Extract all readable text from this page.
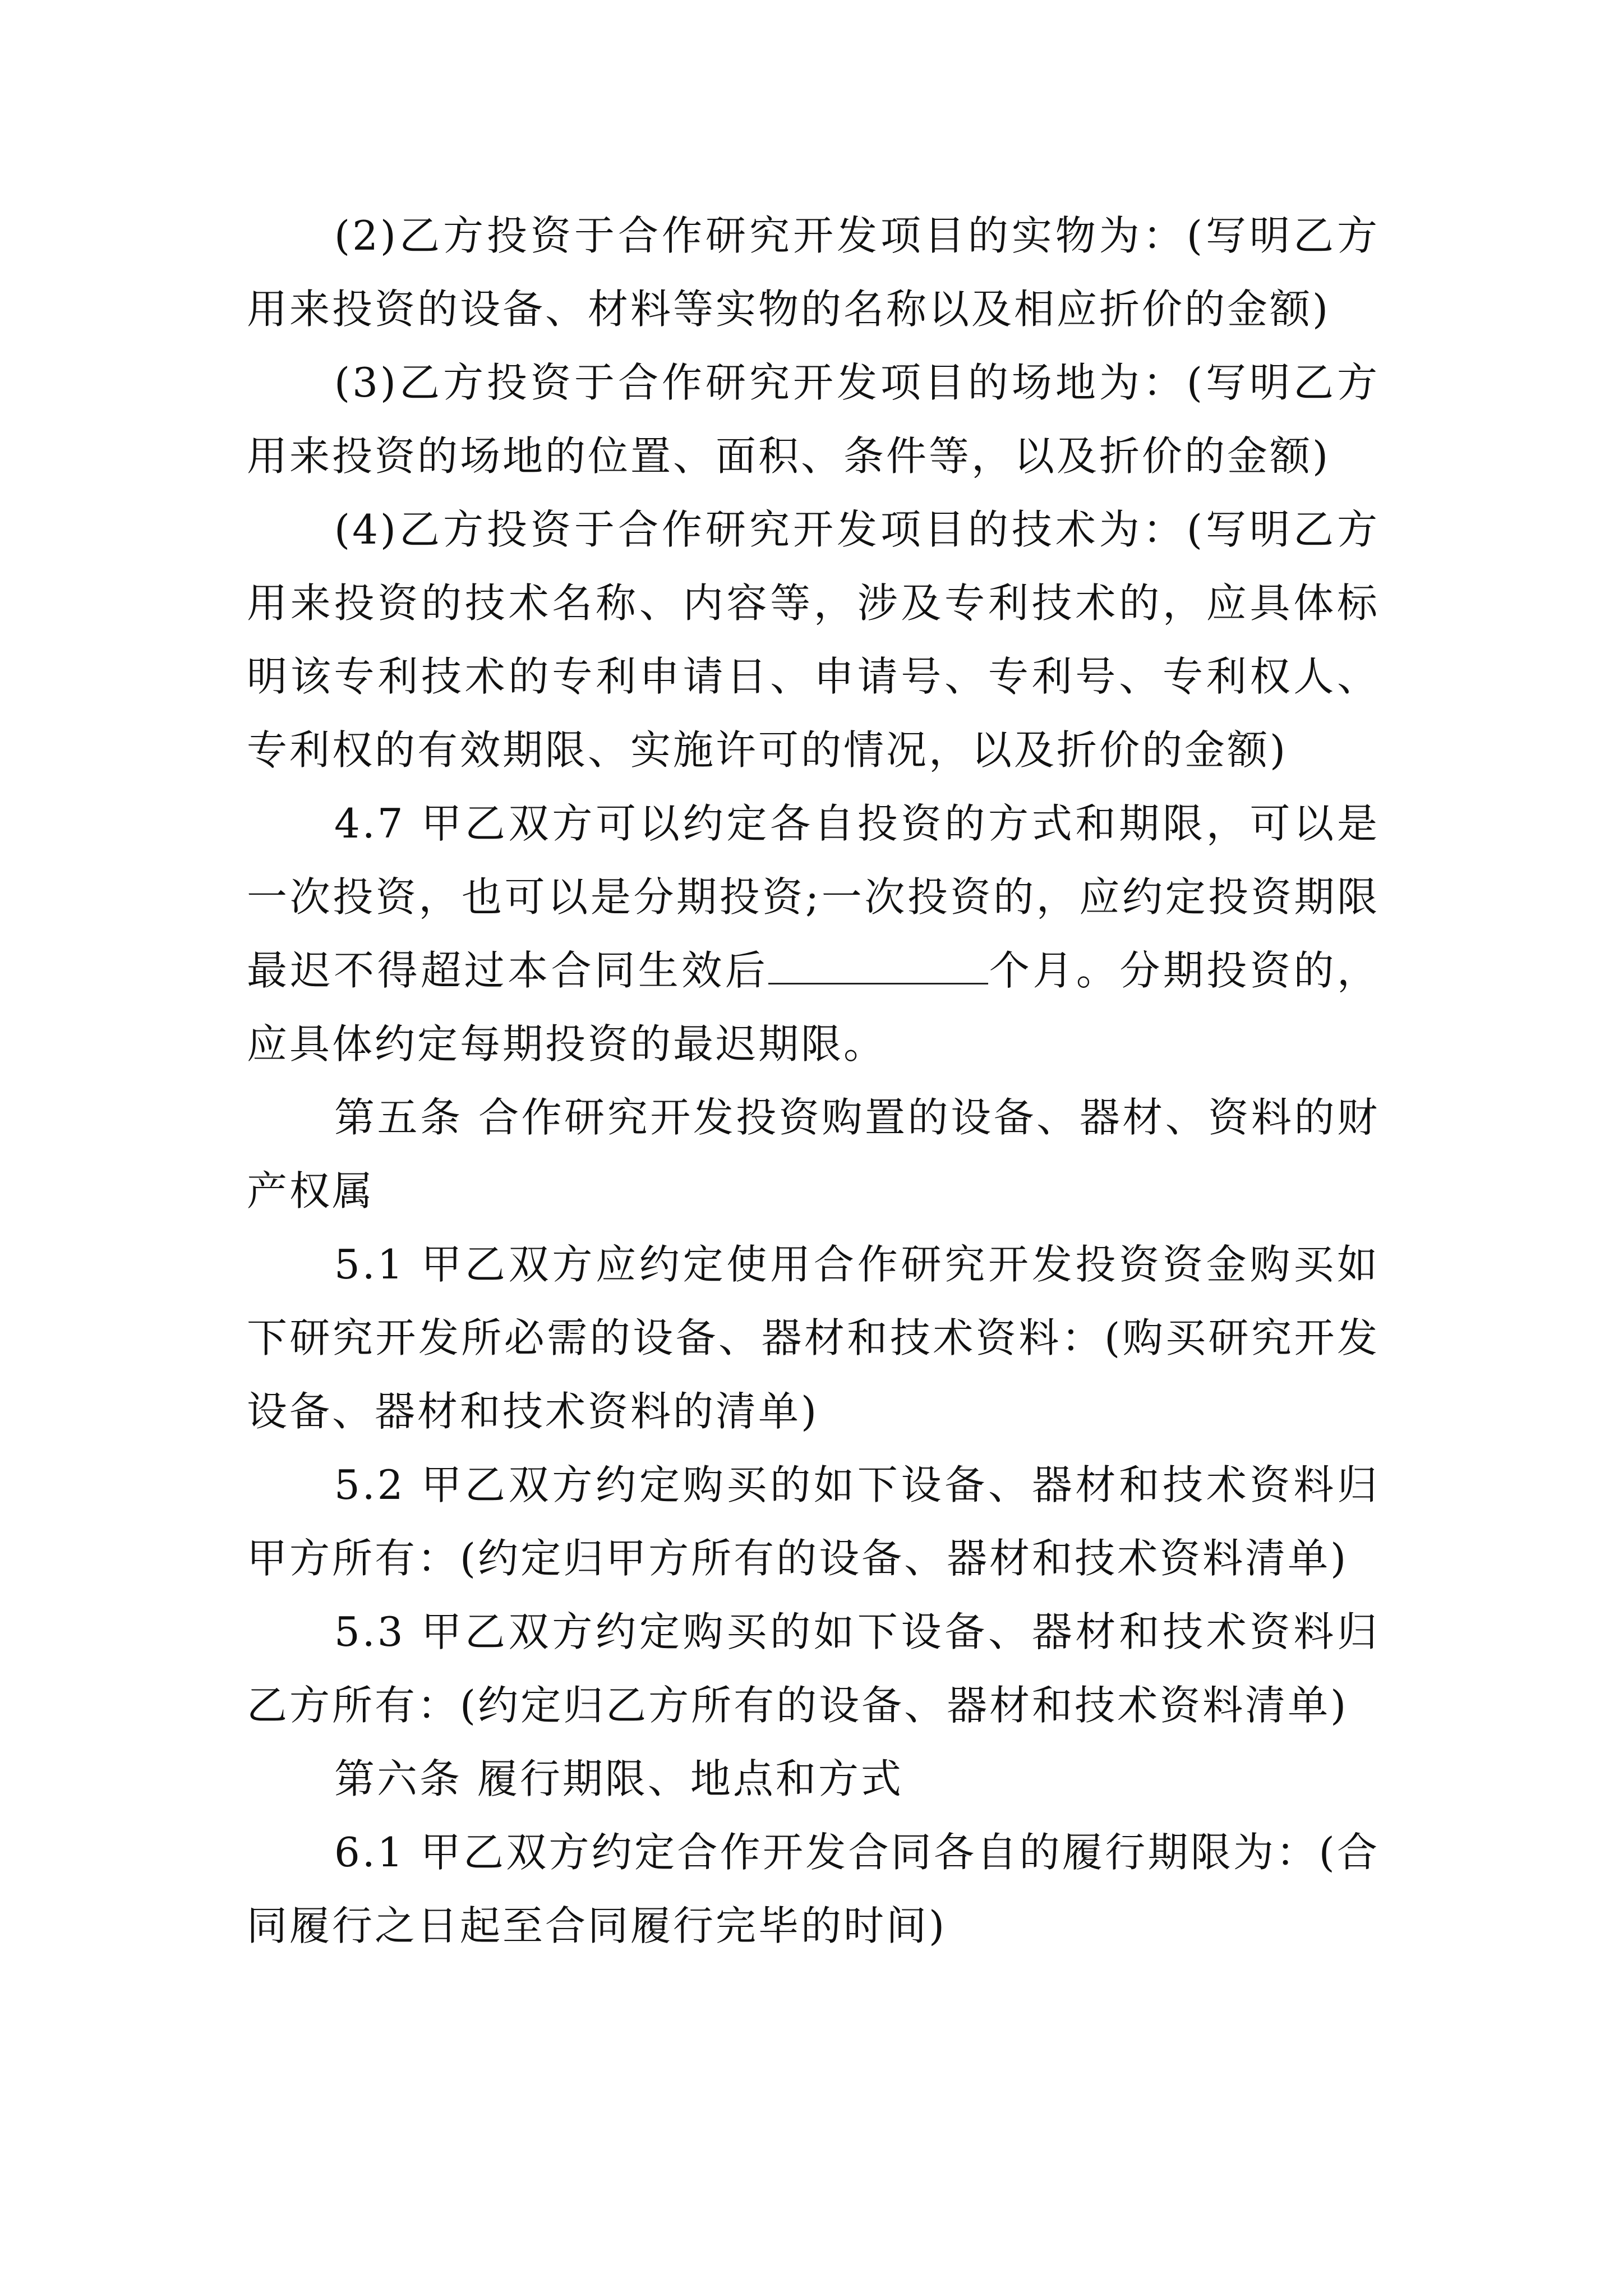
(2)乙方投资于合作研究开发项目的实物为：(写明乙方用来投资的设备、材料等实物的名称以及相应折价的金额)

(3)乙方投资于合作研究开发项目的场地为：(写明乙方用来投资的场地的位置、面积、条件等，以及折价的金额)

(4)乙方投资于合作研究开发项目的技术为：(写明乙方用来投资的技术名称、内容等，涉及专利技术的，应具体标明该专利技术的专利申请日、申请号、专利号、专利权人、专利权的有效期限、实施许可的情况，以及折价的金额)

4.7 甲乙双方可以约定各自投资的方式和期限，可以是一次投资，也可以是分期投资;一次投资的，应约定投资期限最迟不得超过本合同生效后	个月。分期投资的，应具体约定每期投资的最迟期限。

第五条 合作研究开发投资购置的设备、器材、资料的财产权属

5.1 甲乙双方应约定使用合作研究开发投资资金购买如下研究开发所必需的设备、器材和技术资料：(购买研究开发设备、器材和技术资料的清单)

5.2 甲乙双方约定购买的如下设备、器材和技术资料归甲方所有：(约定归甲方所有的设备、器材和技术资料清单)

5.3 甲乙双方约定购买的如下设备、器材和技术资料归乙方所有：(约定归乙方所有的设备、器材和技术资料清单)

第六条 履行期限、地点和方式

6.1 甲乙双方约定合作开发合同各自的履行期限为：(合同履行之日起至合同履行完毕的时间)
